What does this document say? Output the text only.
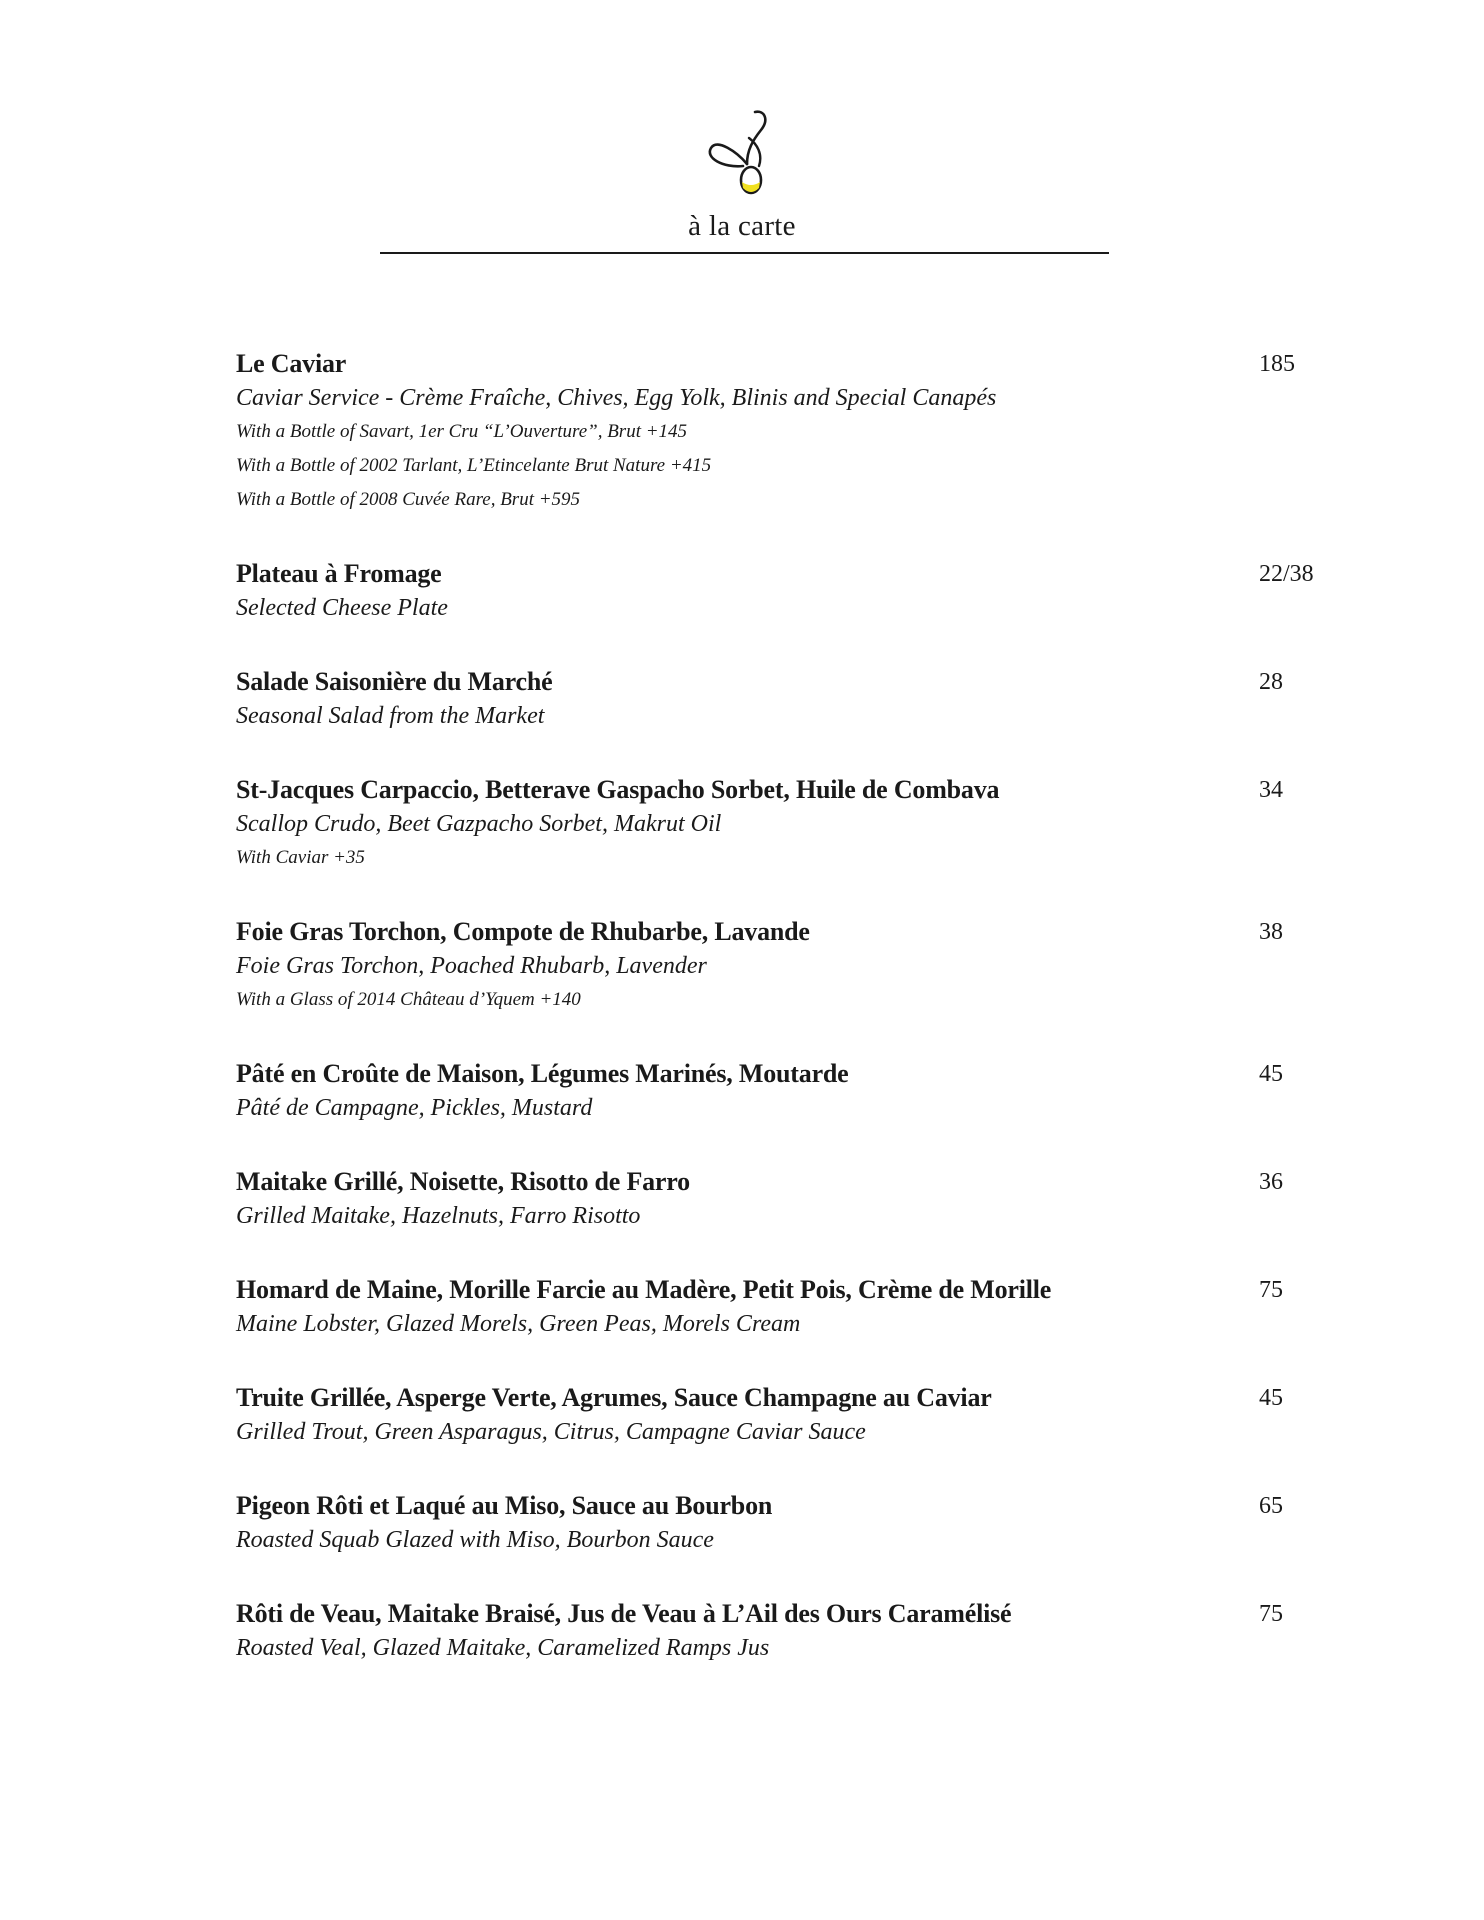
à la carte
Le Caviar	185
Caviar Service - Crème Fraîche, Chives, Egg Yolk, Blinis and Special Canapés
With a Bottle of Savart, 1er Cru “L’Ouverture”, Brut +145
With a Bottle of 2002 Tarlant, L’Etincelante Brut Nature +415
With a Bottle of 2008 Cuvée Rare, Brut +595
Plateau à Fromage	22/38
Selected Cheese Plate
Salade Saisonière du Marché	28
Seasonal Salad from the Market
St-Jacques Carpaccio, Betterave Gaspacho Sorbet, Huile de Combava	34
Scallop Crudo, Beet Gazpacho Sorbet, Makrut Oil
With Caviar +35
Foie Gras Torchon, Compote de Rhubarbe, Lavande	38
Foie Gras Torchon, Poached Rhubarb, Lavender
With a Glass of 2014 Château d’Yquem +140
Pâté en Croûte de Maison, Légumes Marinés, Moutarde	45
Pâté de Campagne, Pickles, Mustard
Maitake Grillé, Noisette, Risotto de Farro	36
Grilled Maitake, Hazelnuts, Farro Risotto
Homard de Maine, Morille Farcie au Madère, Petit Pois, Crème de Morille	75
Maine Lobster, Glazed Morels, Green Peas, Morels Cream
Truite Grillée, Asperge Verte, Agrumes, Sauce Champagne au Caviar	45
Grilled Trout, Green Asparagus, Citrus, Campagne Caviar Sauce
Pigeon Rôti et Laqué au Miso, Sauce au Bourbon	65
Roasted Squab Glazed with Miso, Bourbon Sauce
Rôti de Veau, Maitake Braisé, Jus de Veau à L’Ail des Ours Caramélisé	75
Roasted Veal, Glazed Maitake, Caramelized Ramps Jus
